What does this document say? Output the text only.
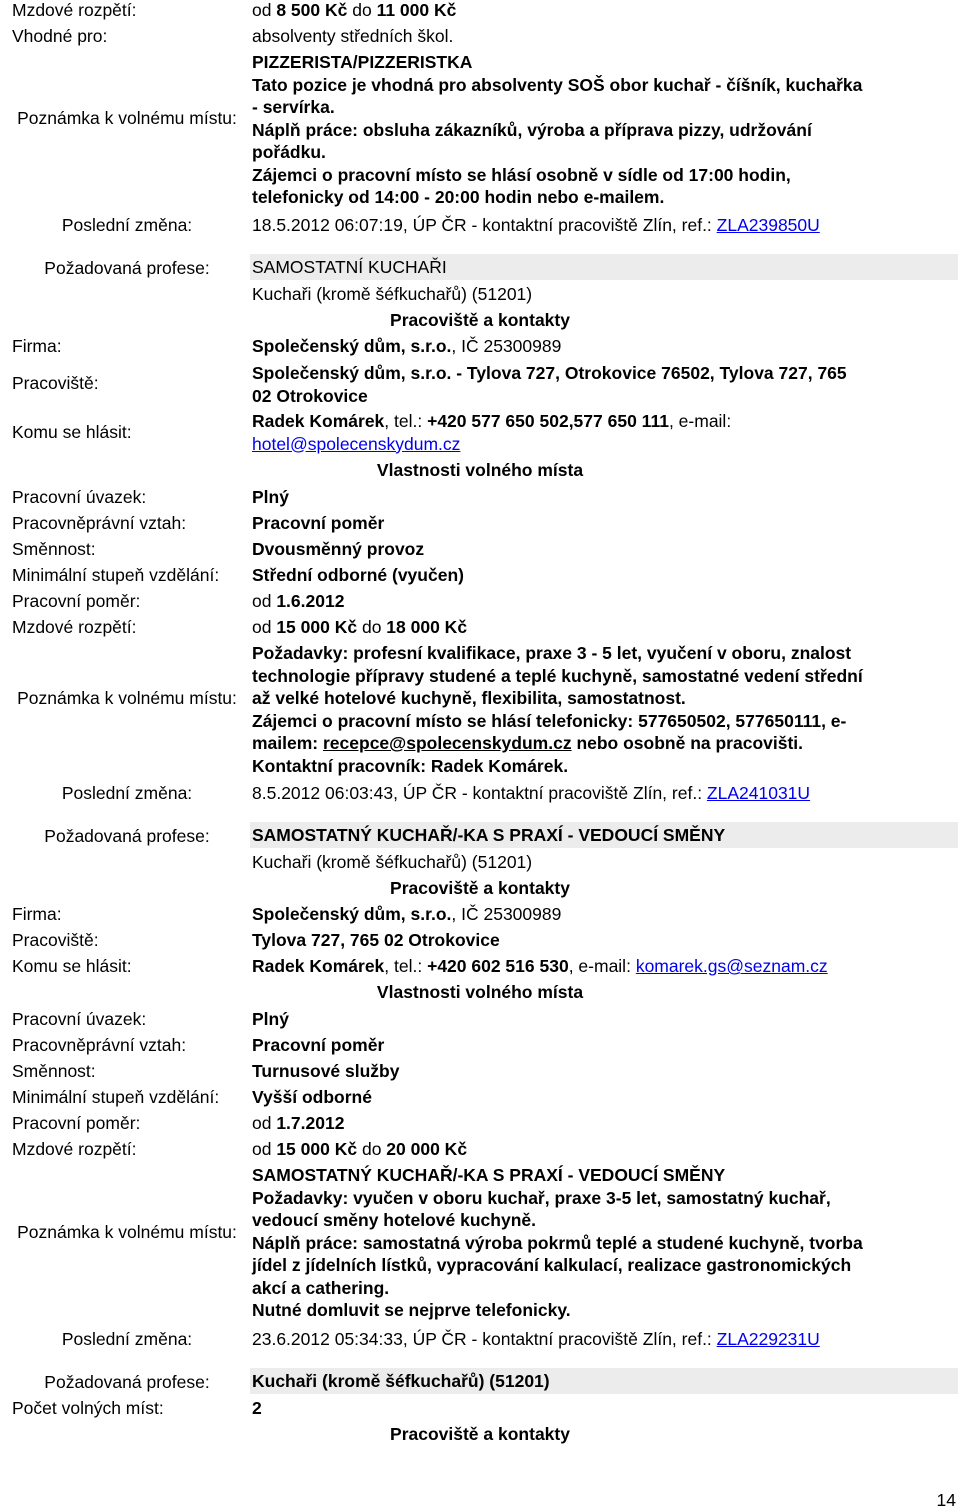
Mzdové rozpětí:	od 8 500 Kč do 11 000 Kč
Vhodné pro:	absolventy středních škol.
Poznámka k volnému místu:
PIZZERISTA/PIZZERISTKA
Tato pozice je vhodná pro absolventy SOŠ obor kuchař - číšník, kuchařka
- servírka.
Náplň práce: obsluha zákazníků, výroba a příprava pizzy, udržování
pořádku.
Zájemci o pracovní místo se hlásí osobně v sídle od 17:00 hodin,
telefonicky od 14:00 - 20:00 hodin nebo e-mailem.
Poslední změna:	18.5.2012 06:07:19, ÚP ČR - kontaktní pracoviště Zlín, ref.: ZLA239850U
Požadovaná profese:	SAMOSTATNÍ KUCHAŘI
Kuchaři (kromě šéfkuchařů) (51201)
Pracoviště a kontakty
Firma:	Společenský dům, s.r.o., IČ 25300989
Pracoviště:	Společenský dům, s.r.o. - Tylova 727, Otrokovice 76502, Tylova 727, 765
02 Otrokovice
Komu se hlásit:
Radek Komárek, tel.: +420 577 650 502,577 650 111, e-mail:
hotel@spolecenskydum.cz
Vlastnosti volného místa
Pracovní úvazek:	Plný
Pracovněprávní vztah:	Pracovní poměr
Směnnost:	Dvousměnný provoz
Minimální stupeň vzdělání: Střední odborné (vyučen)
Pracovní poměr:	od 1.6.2012
Mzdové rozpětí:	od 15 000 Kč do 18 000 Kč
Poznámka k volnému místu:
Požadavky: profesní kvalifikace, praxe 3 - 5 let, vyučení v oboru, znalost
technologie přípravy studené a teplé kuchyně, samostatné vedení střední
až velké hotelové kuchyně, flexibilita, samostatnost.
Zájemci o pracovní místo se hlásí telefonicky: 577650502, 577650111, e-
mailem: recepce@spolecenskydum.cz nebo osobně na pracovišti.
Kontaktní pracovník: Radek Komárek.
Poslední změna:	8.5.2012 06:03:43, ÚP ČR - kontaktní pracoviště Zlín, ref.: ZLA241031U
Požadovaná profese:	SAMOSTATNÝ KUCHAŘ/-KA S PRAXÍ - VEDOUCÍ SMĚNY
Kuchaři (kromě šéfkuchařů) (51201)
Pracoviště a kontakty
Firma:	Společenský dům, s.r.o., IČ 25300989
Pracoviště:	Tylova 727, 765 02 Otrokovice
Komu se hlásit:	Radek Komárek, tel.: +420 602 516 530, e-mail: komarek.gs@seznam.cz
Vlastnosti volného místa
Pracovní úvazek:	Plný
Pracovněprávní vztah:	Pracovní poměr
Směnnost:	Turnusové služby
Minimální stupeň vzdělání: Vyšší odborné
Pracovní poměr:	od 1.7.2012
Mzdové rozpětí:	od 15 000 Kč do 20 000 Kč
Poznámka k volnému místu:
SAMOSTATNÝ KUCHAŘ/-KA S PRAXÍ - VEDOUCÍ SMĚNY
Požadavky: vyučen v oboru kuchař, praxe 3-5 let, samostatný kuchař,
vedoucí směny hotelové kuchyně.
Náplň práce: samostatná výroba pokrmů teplé a studené kuchyně, tvorba
jídel z jídelních lístků, vypracování kalkulací, realizace gastronomických
akcí a cathering.
Nutné domluvit se nejprve telefonicky.
Poslední změna:	23.6.2012 05:34:33, ÚP ČR - kontaktní pracoviště Zlín, ref.: ZLA229231U
Požadovaná profese:	Kuchaři (kromě šéfkuchařů) (51201)
Počet volných míst:	2
Pracoviště a kontakty
14
